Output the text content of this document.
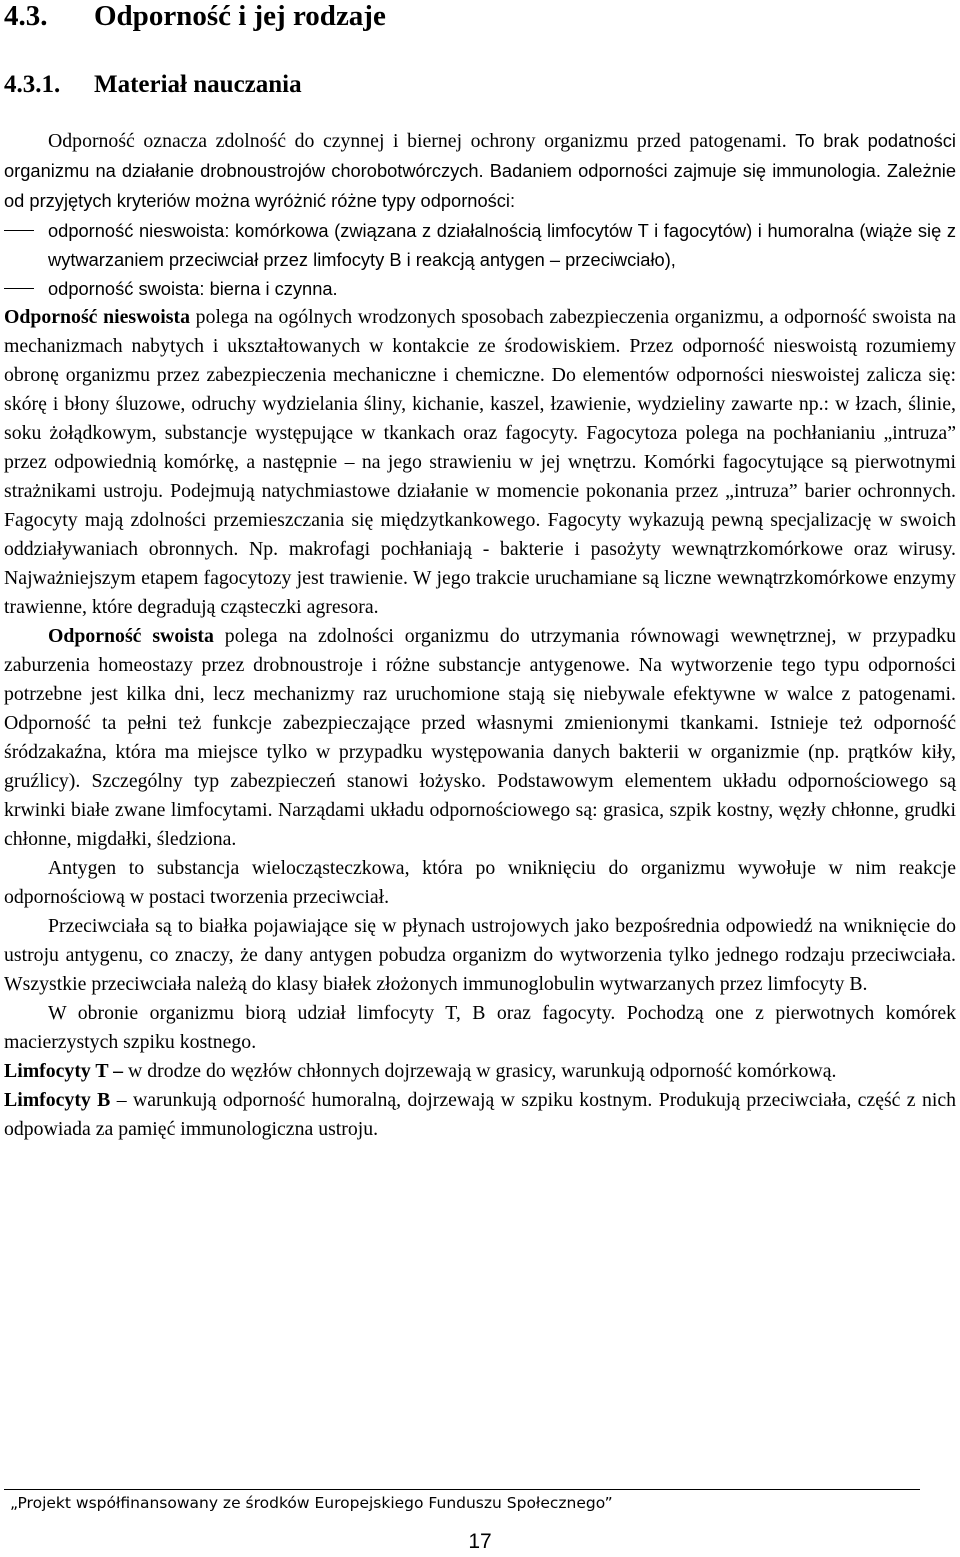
4.3. Odporność i jej rodzaje
4.3.1. Materiał nauczania

Odporność oznacza zdolność do czynnej i biernej ochrony organizmu przed patogenami. To brak podatności organizmu na działanie drobnoustrojów chorobotwórczych. Badaniem odporności zajmuje się immunologia. Zależnie od przyjętych kryteriów można wyróżnić różne typy odporności:

odporność nieswoista: komórkowa (związana z działalnością limfocytów T i fagocytów) i humoralna (wiąże się z wytwarzaniem przeciwciał przez limfocyty B i reakcją antygen – przeciwciało),
odporność swoista: bierna i czynna.

Odporność nieswoista polega na ogólnych wrodzonych sposobach zabezpieczenia organizmu, a odporność swoista na mechanizmach nabytych i ukształtowanych w kontakcie ze środowiskiem. Przez odporność nieswoistą rozumiemy obronę organizmu przez zabezpieczenia mechaniczne i chemiczne. Do elementów odporności nieswoistej zalicza się: skórę i błony śluzowe, odruchy wydzielania śliny, kichanie, kaszel, łzawienie, wydzieliny zawarte np.: w łzach, ślinie, soku żołądkowym, substancje występujące w tkankach oraz fagocyty. Fagocytoza polega na pochłanianiu „intruza” przez odpowiednią komórkę, a następnie – na jego strawieniu w jej wnętrzu. Komórki fagocytujące są pierwotnymi strażnikami ustroju. Podejmują natychmiastowe działanie w momencie pokonania przez „intruza” barier ochronnych. Fagocyty mają zdolności przemieszczania się międzytkankowego. Fagocyty wykazują pewną specjalizację w swoich oddziaływaniach obronnych. Np. makrofagi pochłaniają - bakterie i pasożyty wewnątrzkomórkowe oraz wirusy. Najważniejszym etapem fagocytozy jest trawienie. W jego trakcie uruchamiane są liczne wewnątrzkomórkowe enzymy trawienne, które degradują cząsteczki agresora.

Odporność swoista polega na zdolności organizmu do utrzymania równowagi wewnętrznej, w przypadku zaburzenia homeostazy przez drobnoustroje i różne substancje antygenowe. Na wytworzenie tego typu odporności potrzebne jest kilka dni, lecz mechanizmy raz uruchomione stają się niebywale efektywne w walce z patogenami. Odporność ta pełni też funkcje zabezpieczające przed własnymi zmienionymi tkankami. Istnieje też odporność śródzakaźna, która ma miejsce tylko w przypadku występowania danych bakterii w organizmie (np. prątków kiły, gruźlicy). Szczególny typ zabezpieczeń stanowi łożysko. Podstawowym elementem układu odpornościowego są krwinki białe zwane limfocytami. Narządami układu odpornościowego są: grasica, szpik kostny, węzły chłonne, grudki chłonne, migdałki, śledziona.

Antygen to substancja wielocząsteczkowa, która po wniknięciu do organizmu wywołuje w nim reakcje odpornościową w postaci tworzenia przeciwciał.

Przeciwciała są to białka pojawiające się w płynach ustrojowych jako bezpośrednia odpowiedź na wniknięcie do ustroju antygenu, co znaczy, że dany antygen pobudza organizm do wytworzenia tylko jednego rodzaju przeciwciała. Wszystkie przeciwciała należą do klasy białek złożonych immunoglobulin wytwarzanych przez limfocyty B.

W obronie organizmu biorą udział limfocyty T, B oraz fagocyty. Pochodzą one z pierwotnych komórek macierzystych szpiku kostnego.

Limfocyty T – w drodze do węzłów chłonnych dojrzewają w grasicy, warunkują odporność komórkową.

Limfocyty B – warunkują odporność humoralną, dojrzewają w szpiku kostnym. Produkują przeciwciała, część z nich odpowiada za pamięć immunologiczna ustroju.

„Projekt współfinansowany ze środków Europejskiego Funduszu Społecznego”
17
